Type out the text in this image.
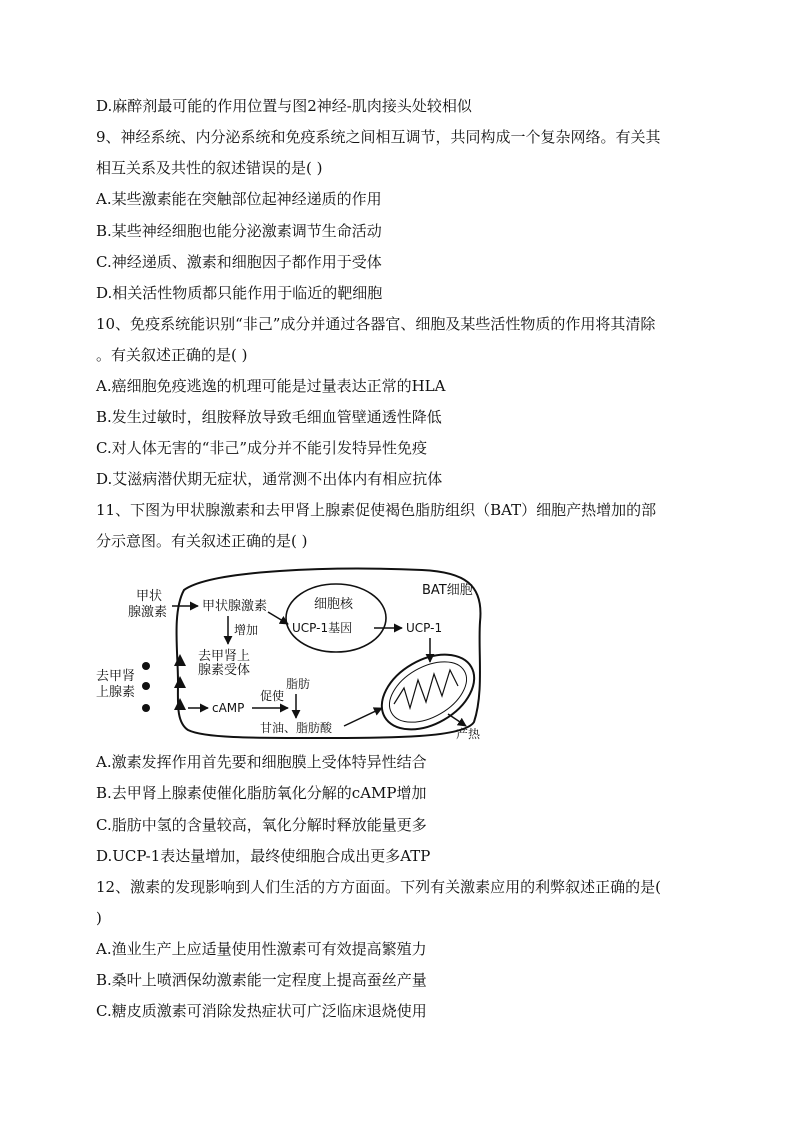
D.麻醉剂最可能的作用位置与图2神经-肌肉接头处较相似
9、神经系统、内分泌系统和免疫系统之间相互调节，共同构成一个复杂网络。有关其
相互关系及共性的叙述错误的是( )
A.某些激素能在突触部位起神经递质的作用
B.某些神经细胞也能分泌激素调节生命活动
C.神经递质、激素和细胞因子都作用于受体
D.相关活性物质都只能作用于临近的靶细胞
10、免疫系统能识别“非己”成分并通过各器官、细胞及某些活性物质的作用将其清除
。有关叙述正确的是( )
A.癌细胞免疫逃逸的机理可能是过量表达正常的HLA
B.发生过敏时，组胺释放导致毛细血管壁通透性降低
C.对人体无害的“非己”成分并不能引发特异性免疫
D.艾滋病潜伏期无症状，通常测不出体内有相应抗体
11、下图为甲状腺激素和去甲肾上腺素促使褐色脂肪组织（BAT）细胞产热增加的部
分示意图。有关叙述正确的是( )
BAT细胞
甲状
腺激素	甲状腺激素	细胞核
UCP-1基因	UCP-1
增加
去甲肾上
腺素受体
去甲肾
上腺素
cAMP
促使
脂肪
甘油、脂肪酸	产热
A.激素发挥作用首先要和细胞膜上受体特异性结合
B.去甲肾上腺素使催化脂肪氧化分解的cAMP增加
C.脂肪中氢的含量较高，氧化分解时释放能量更多
D.UCP-1表达量增加，最终使细胞合成出更多ATP
12、激素的发现影响到人们生活的方方面面。下列有关激素应用的利弊叙述正确的是(
)
A.渔业生产上应适量使用性激素可有效提高繁殖力
B.桑叶上喷洒保幼激素能一定程度上提高蚕丝产量
C.糖皮质激素可消除发热症状可广泛临床退烧使用
